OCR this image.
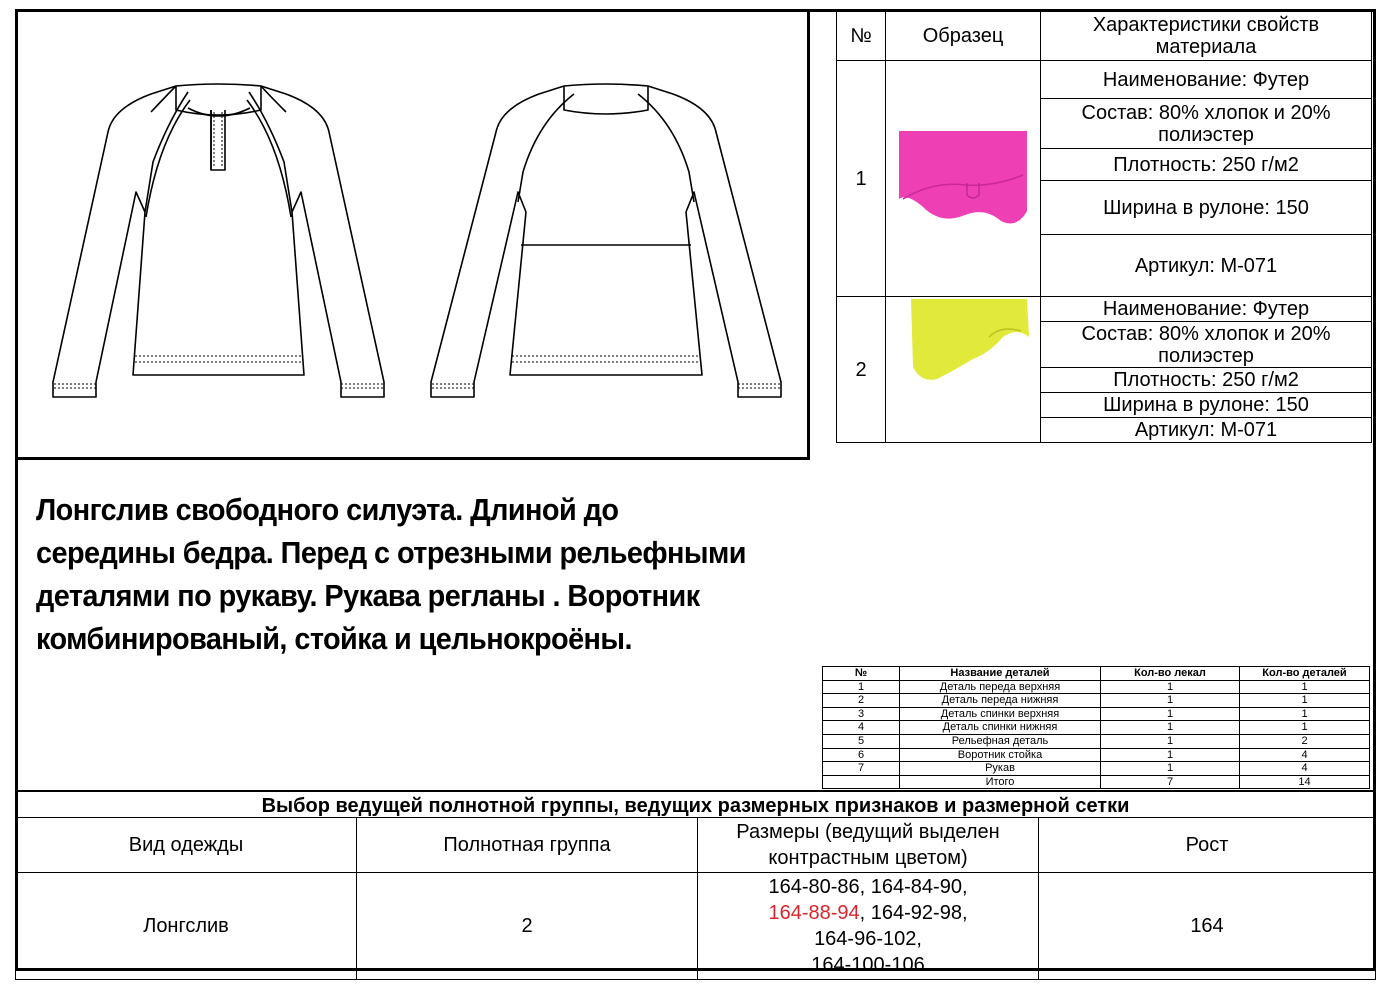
№	Образец	Характеристики свойств материала
1		Наименование: Футер
		Состав: 80% хлопок и 20% полиэстер
		Плотность: 250 г/м2
		Ширина в рулоне: 150
		Артикул: М-071
2		Наименование: Футер
		Состав: 80% хлопок и 20% полиэстер
		Плотность: 250 г/м2
		Ширина в рулоне: 150
		Артикул: М-071
Лонгслив свободного силуэта. Длиной до середины бедра. Перед с отрезными рельефными деталями по рукаву. Рукава регланы . Воротник комбинированый, стойка и цельнокроёны.
№	Название деталей	Кол-во лекал	Кол-во деталей
1	Деталь переда верхняя	1	1
2	Деталь переда нижняя	1	1
3	Деталь спинки верхняя	1	1
4	Деталь спинки нижняя	1	1
5	Рельефная деталь	1	2
6	Воротник стойка	1	4
7	Рукав	1	4
	Итого	7	14
Выбор ведущей полнотной группы, ведущих размерных признаков и размерной сетки
Вид одежды	Полнотная группа	Размеры (ведущий выделен контрастным цветом)	Рост
Лонгслив	2	164-80-86, 164-84-90,
164-88-94, 164-92-98,
164-96-102,
164-100-106	164
